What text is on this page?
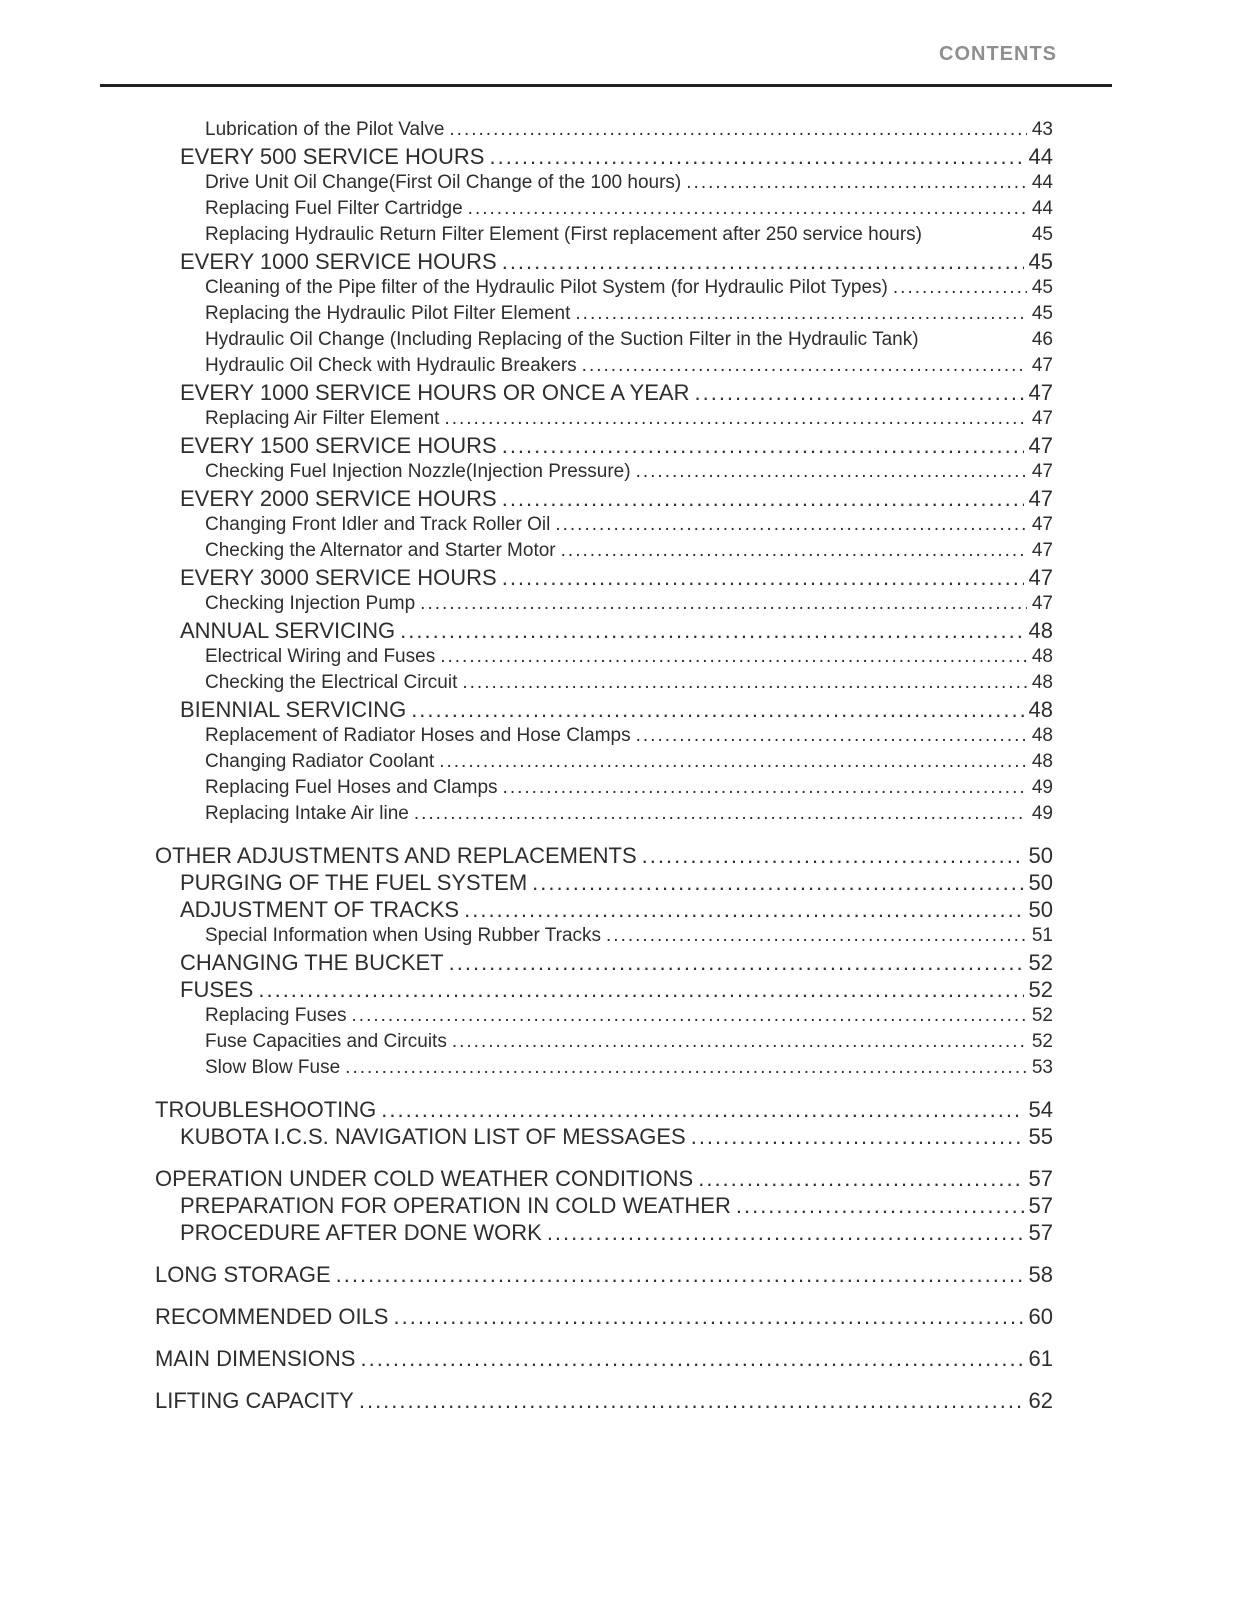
CONTENTS
Lubrication of the Pilot Valve .....	43
EVERY 500 SERVICE HOURS .....	44
Drive Unit Oil Change(First Oil Change of the 100 hours) .....	44
Replacing Fuel Filter Cartridge .....	44
Replacing Hydraulic Return Filter Element (First replacement after 250 service hours)	45
EVERY 1000 SERVICE HOURS .....	45
Cleaning of the Pipe filter of the Hydraulic Pilot System (for Hydraulic Pilot Types) .....	45
Replacing the Hydraulic Pilot Filter Element .....	45
Hydraulic Oil Change (Including Replacing of the Suction Filter in the Hydraulic Tank)	46
Hydraulic Oil Check with Hydraulic Breakers .....	47
EVERY 1000 SERVICE HOURS OR ONCE A YEAR .....	47
Replacing Air Filter Element .....	47
EVERY 1500 SERVICE HOURS .....	47
Checking Fuel Injection Nozzle(Injection Pressure) .....	47
EVERY 2000 SERVICE HOURS .....	47
Changing Front Idler and Track Roller Oil .....	47
Checking the Alternator and Starter Motor .....	47
EVERY 3000 SERVICE HOURS .....	47
Checking Injection Pump .....	47
ANNUAL SERVICING .....	48
Electrical Wiring and Fuses .....	48
Checking the Electrical Circuit .....	48
BIENNIAL SERVICING .....	48
Replacement of Radiator Hoses and Hose Clamps .....	48
Changing Radiator Coolant .....	48
Replacing Fuel Hoses and Clamps .....	49
Replacing Intake Air line .....	49
OTHER ADJUSTMENTS AND REPLACEMENTS .....	50
PURGING OF THE FUEL SYSTEM .....	50
ADJUSTMENT OF TRACKS .....	50
Special Information when Using Rubber Tracks .....	51
CHANGING THE BUCKET .....	52
FUSES .....	52
Replacing Fuses .....	52
Fuse Capacities and Circuits .....	52
Slow Blow Fuse .....	53
TROUBLESHOOTING .....	54
KUBOTA I.C.S. NAVIGATION LIST OF MESSAGES .....	55
OPERATION UNDER COLD WEATHER CONDITIONS .....	57
PREPARATION FOR OPERATION IN COLD WEATHER .....	57
PROCEDURE AFTER DONE WORK .....	57
LONG STORAGE .....	58
RECOMMENDED OILS .....	60
MAIN DIMENSIONS .....	61
LIFTING CAPACITY .....	62
